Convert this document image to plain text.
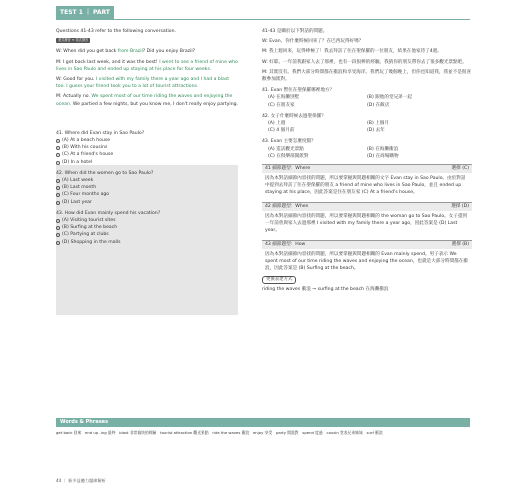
TEST 1 ｜ PART 3
Questions 41-43 refer to the following conversation.
美式發音 ↔ 英式發音
W: When did you get back from Brazil? Did you enjoy Brazil?
M: I got back last week, and it was the best! I went to see a friend of mine who lives in Sao Paulo and ended up staying at his place for four weeks.
W: Good for you. I visited with my family there a year ago and I had a blast too. I guess your friend took you to a lot of tourist attractions.
M: Actually no. We spent most of our time riding the waves and enjoying the ocean. We partied a few nights, but you know me, I don't really enjoy partying.
41. Where did Evan stay in Sao Paulo?
(A) At a beach house
(B) With his cousins
(C) At a friend's house
(D) In a hotel
42. When did the women go to Sao Paulo?
(A) Last week
(B) Last month
(C) Four months ago
(D) Last year
43. How did Evan mainly spend his vacation?
(A) Visiting tourist sites
(B) Surfing at the beach
(C) Partying at clubs
(D) Shopping in the malls
41-43 是關於以下對話的問題。
W: Evan，你什麼時候回來了？在巴西玩得好嗎？
M: 我上週回來，玩得棒極了！我去拜訪了住在聖保羅的一位朋友，結果在他家待了4週。
W: 好耶。一年前我跟家人去了那裡，也有一段很棒的經驗。我猜你的朋友帶你去了很多觀光景點吧。
M: 其實沒有。我們大部分時間都在衝浪和享受海洋。我們玩了幾個晚上，但你也知道我，我並不是很喜歡參加派對。
41. Evan 暫住在聖保羅哪裡地方？
(A) 在海灘別墅	(B) 跟他的堂兄弟一起
(C) 在朋友家	(D) 在飯店
42. 女子什麼時候去過聖保羅？
(A) 上週	(B) 上個月
(C) 4 個月前	(D) 去年
43. Evan 主要怎麼度假？
(A) 造訪觀光景點	(B) 在海灘衝浪
(C) 在俱樂部開派對	(D) 在商場購物
41 細節題型：Where	選擇 (C)
因為本對話細節內容找的問題，所以要掌握與問題相關的文字 Evan stay in Sao Paulo。由於對話中提到去拜訪了住在聖保羅的朋友 a friend of mine who lives in Sao Paulo，並且 ended up staying at his place，因此答案是住在朋友家 (C) At a friend's house。
42 細節題型：When	選擇 (D)
因為本對話細節內容找的問題，所以要掌握與問題相關的 the woman go to Sao Paulo。女子提到一年前曾與家人去過那裡 I visited with my family there a year ago，因此答案是 (D) Last year。
43 細節題型：How	選擇 (B)
因為本對話細節內容找的問題，所以要掌握與問題相關的 Evan mainly spend。男子表示 We spent most of our time riding the waves and enjoying the ocean，也就是大部分時間都在衝浪，因此答案是 (B) Surfing at the beach。
更換表達方式
riding the waves 衝浪 → surfing at the beach 在海灘衝浪
Words & Phrases
get back 回來　end up -ing 最終　blast 非常愉快的經驗　tourist attraction 觀光景點　ride the waves 衝浪　enjoy 享受　party 開派對　spend 度過　cousin 堂表兄弟姊妹　surf 衝浪
44 ｜ 新多益聽力題庫解析
